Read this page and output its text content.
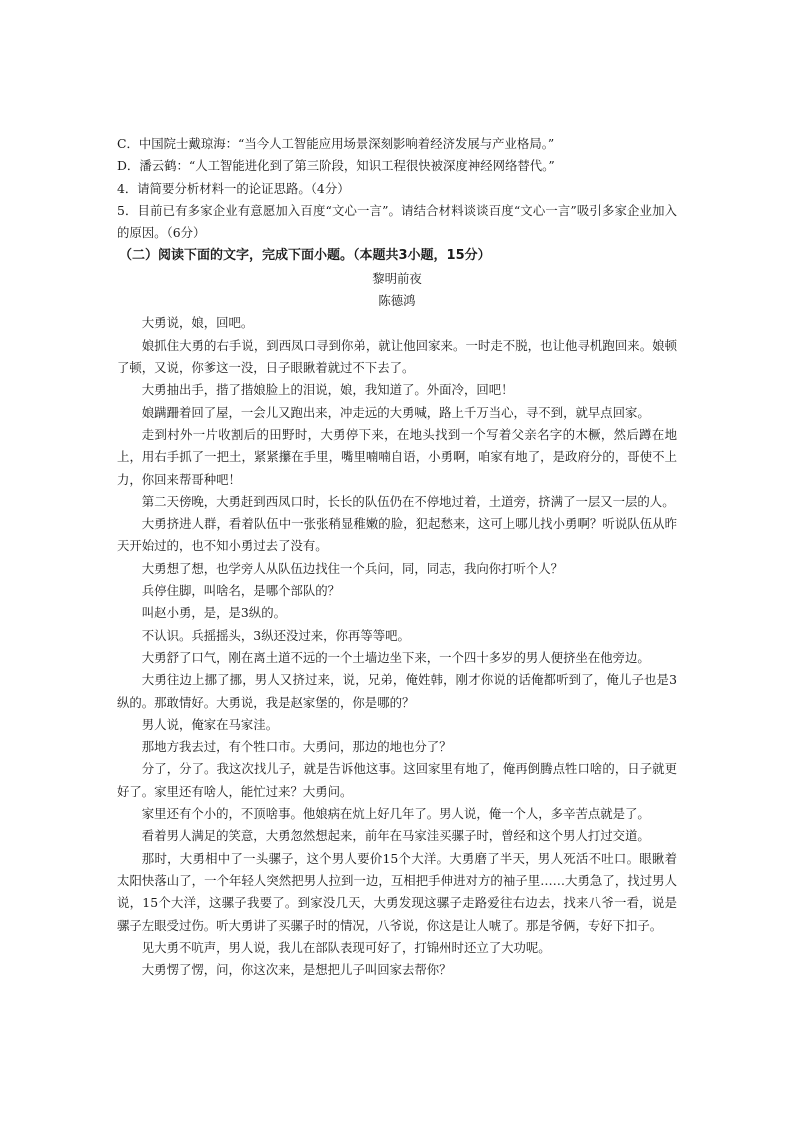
C．中国院士戴琼海：“当今人工智能应用场景深刻影响着经济发展与产业格局。”

D．潘云鹤：“人工智能进化到了第三阶段，知识工程很快被深度神经网络替代。”

4．请简要分析材料一的论证思路。（4分）

5．目前已有多家企业有意愿加入百度“文心一言”。请结合材料谈谈百度“文心一言”吸引多家企业加入的原因。（6分）

（二）阅读下面的文字，完成下面小题。（本题共3小题，15分）

黎明前夜

陈德鸿

大勇说，娘，回吧。

娘抓住大勇的右手说，到西凤口寻到你弟，就让他回家来。一时走不脱，也让他寻机跑回来。娘顿了顿，又说，你爹这一没，日子眼瞅着就过不下去了。

大勇抽出手，揩了揩娘脸上的泪说，娘，我知道了。外面冷，回吧！

娘蹒跚着回了屋，一会儿又跑出来，冲走远的大勇喊，路上千万当心，寻不到，就早点回家。

走到村外一片收割后的田野时，大勇停下来，在地头找到一个写着父亲名字的木橛，然后蹲在地上，用右手抓了一把土，紧紧攥在手里，嘴里喃喃自语，小勇啊，咱家有地了，是政府分的，哥使不上力，你回来帮哥种吧！

第二天傍晚，大勇赶到西凤口时，长长的队伍仍在不停地过着，土道旁，挤满了一层又一层的人。

大勇挤进人群，看着队伍中一张张稍显稚嫩的脸，犯起愁来，这可上哪儿找小勇啊？听说队伍从昨天开始过的，也不知小勇过去了没有。

大勇想了想，也学旁人从队伍边找住一个兵问，同，同志，我向你打听个人？

兵停住脚，叫啥名，是哪个部队的？

叫赵小勇，是，是3纵的。

不认识。兵摇摇头，3纵还没过来，你再等等吧。

大勇舒了口气，刚在离土道不远的一个土墙边坐下来，一个四十多岁的男人便挤坐在他旁边。

大勇往边上挪了挪，男人又挤过来，说，兄弟，俺姓韩，刚才你说的话俺都听到了，俺儿子也是3纵的。那敢情好。大勇说，我是赵家堡的，你是哪的？

男人说，俺家在马家洼。

那地方我去过，有个牲口市。大勇问，那边的地也分了？

分了，分了。我这次找儿子，就是告诉他这事。这回家里有地了，俺再倒腾点牲口啥的，日子就更好了。家里还有啥人，能忙过来？大勇问。

家里还有个小的，不顶啥事。他娘病在炕上好几年了。男人说，俺一个人，多辛苦点就是了。

看着男人满足的笑意，大勇忽然想起来，前年在马家洼买骡子时，曾经和这个男人打过交道。

那时，大勇相中了一头骡子，这个男人要价15个大洋。大勇磨了半天，男人死活不吐口。眼瞅着太阳快落山了，一个年轻人突然把男人拉到一边，互相把手伸进对方的袖子里……大勇急了，找过男人说，15个大洋，这骡子我要了。到家没几天，大勇发现这骡子走路爱往右边去，找来八爷一看，说是骡子左眼受过伤。听大勇讲了买骡子时的情况，八爷说，你这是让人唬了。那是爷俩，专好下扣子。

见大勇不吭声，男人说，我儿在部队表现可好了，打锦州时还立了大功呢。

大勇愣了愣，问，你这次来，是想把儿子叫回家去帮你？
